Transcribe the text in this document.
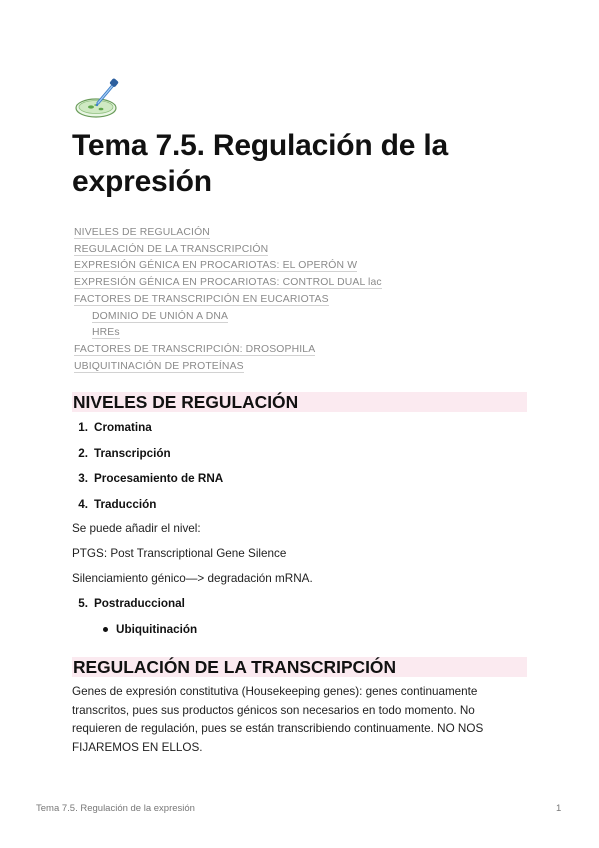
Tema 7.5. Regulación de la expresión
NIVELES DE REGULACIÓN
REGULACIÓN DE LA TRANSCRIPCIÓN
EXPRESIÓN GÉNICA EN PROCARIOTAS: EL OPERÓN W
EXPRESIÓN GÉNICA EN PROCARIOTAS: CONTROL DUAL lac
FACTORES DE TRANSCRIPCIÓN EN EUCARIOTAS
DOMINIO DE UNIÓN A DNA
HREs
FACTORES DE TRANSCRIPCIÓN: DROSOPHILA
UBIQUITINACIÓN DE PROTEÍNAS
NIVELES DE REGULACIÓN
1. Cromatina
2. Transcripción
3. Procesamiento de RNA
4. Traducción
Se puede añadir el nivel:
PTGS: Post Transcriptional Gene Silence
Silenciamiento génico—> degradación mRNA.
5. Postraduccional
Ubiquitinación
REGULACIÓN DE LA TRANSCRIPCIÓN
Genes de expresión constitutiva (Housekeeping genes): genes continuamente transcritos, pues sus productos génicos son necesarios en todo momento. No requieren de regulación, pues se están transcribiendo continuamente. NO NOS FIJAREMOS EN ELLOS.
Tema 7.5. Regulación de la expresión	1
